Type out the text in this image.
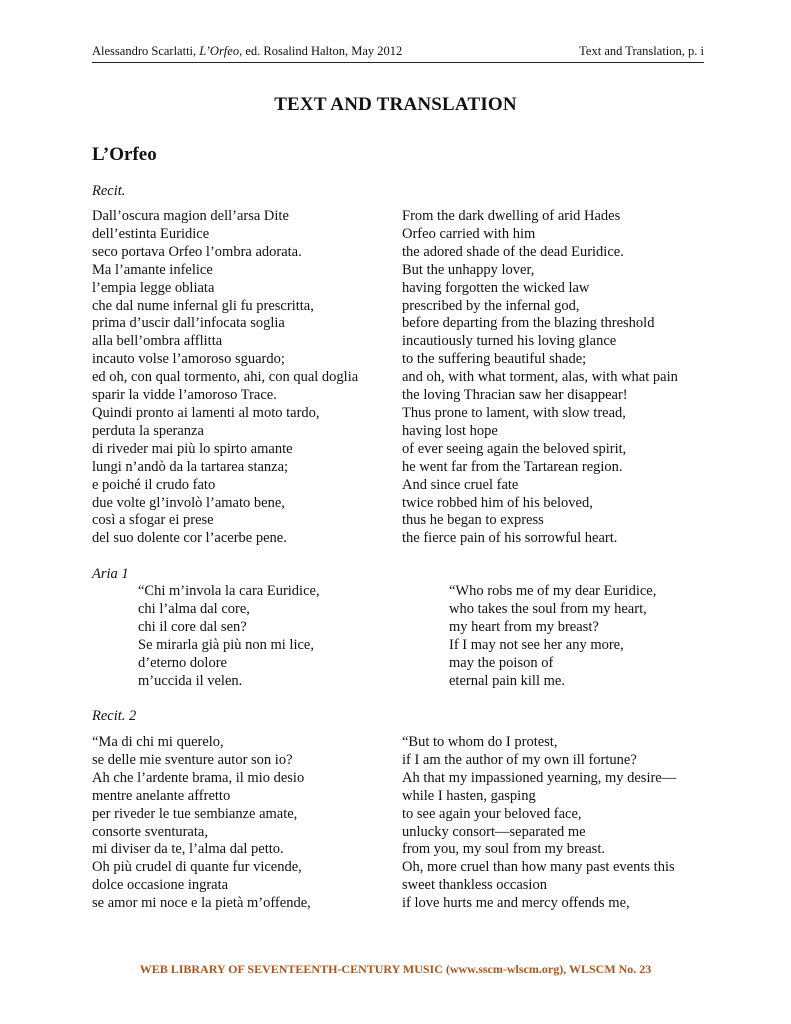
Alessandro Scarlatti, L’Orfeo, ed. Rosalind Halton, May 2012	Text and Translation, p. i
TEXT AND TRANSLATION
L’Orfeo
Recit.
Dall’oscura magion dell’arsa Dite
dell’estinta Euridice
seco portava Orfeo l’ombra adorata.
Ma l’amante infelice
l’empia legge obliata
che dal nume infernal gli fu prescritta,
prima d’uscir dall’infocata soglia
alla bell’ombra afflitta
incauto volse l’amoroso sguardo;
ed oh, con qual tormento, ahi, con qual doglia
sparir la vidde l’amoroso Trace.
Quindi pronto ai lamenti al moto tardo,
perduta la speranza
di riveder mai più lo spirto amante
lungi n’andò da la tartarea stanza;
e poiché il crudo fato
due volte gl’involò l’amato bene,
così a sfogar ei prese
del suo dolente cor l’acerbe pene.
From the dark dwelling of arid Hades
Orfeo carried with him
the adored shade of the dead Euridice.
But the unhappy lover,
having forgotten the wicked law
prescribed by the infernal god,
before departing from the blazing threshold
incautiously turned his loving glance
to the suffering beautiful shade;
and oh, with what torment, alas, with what pain
the loving Thracian saw her disappear!
Thus prone to lament, with slow tread,
having lost hope
of ever seeing again the beloved spirit,
he went far from the Tartarean region.
And since cruel fate
twice robbed him of his beloved,
thus he began to express
the fierce pain of his sorrowful heart.
Aria 1
“Chi m’invola la cara Euridice,
chi l’alma dal core,
chi il core dal sen?
Se mirarla già più non mi lice,
d’eterno dolore
m’uccida il velen.
“Who robs me of my dear Euridice,
who takes the soul from my heart,
my heart from my breast?
If I may not see her any more,
may the poison of
eternal pain kill me.
Recit. 2
“Ma di chi mi querelo,
se delle mie sventure autor son io?
Ah che l’ardente brama, il mio desio
mentre anelante affretto
per riveder le tue sembianze amate,
consorte sventurata,
mi diviser da te, l’alma dal petto.
Oh più crudel di quante fur vicende,
dolce occasione ingrata
se amor mi noce e la pietà m’offende,
“But to whom do I protest,
if I am the author of my own ill fortune?
Ah that my impassioned yearning, my desire—
while I hasten, gasping
to see again your beloved face,
unlucky consort—separated me
from you, my soul from my breast.
Oh, more cruel than how many past events this
sweet thankless occasion
if love hurts me and mercy offends me,
WEB LIBRARY OF SEVENTEENTH-CENTURY MUSIC (www.sscm-wlscm.org), WLSCM No. 23
